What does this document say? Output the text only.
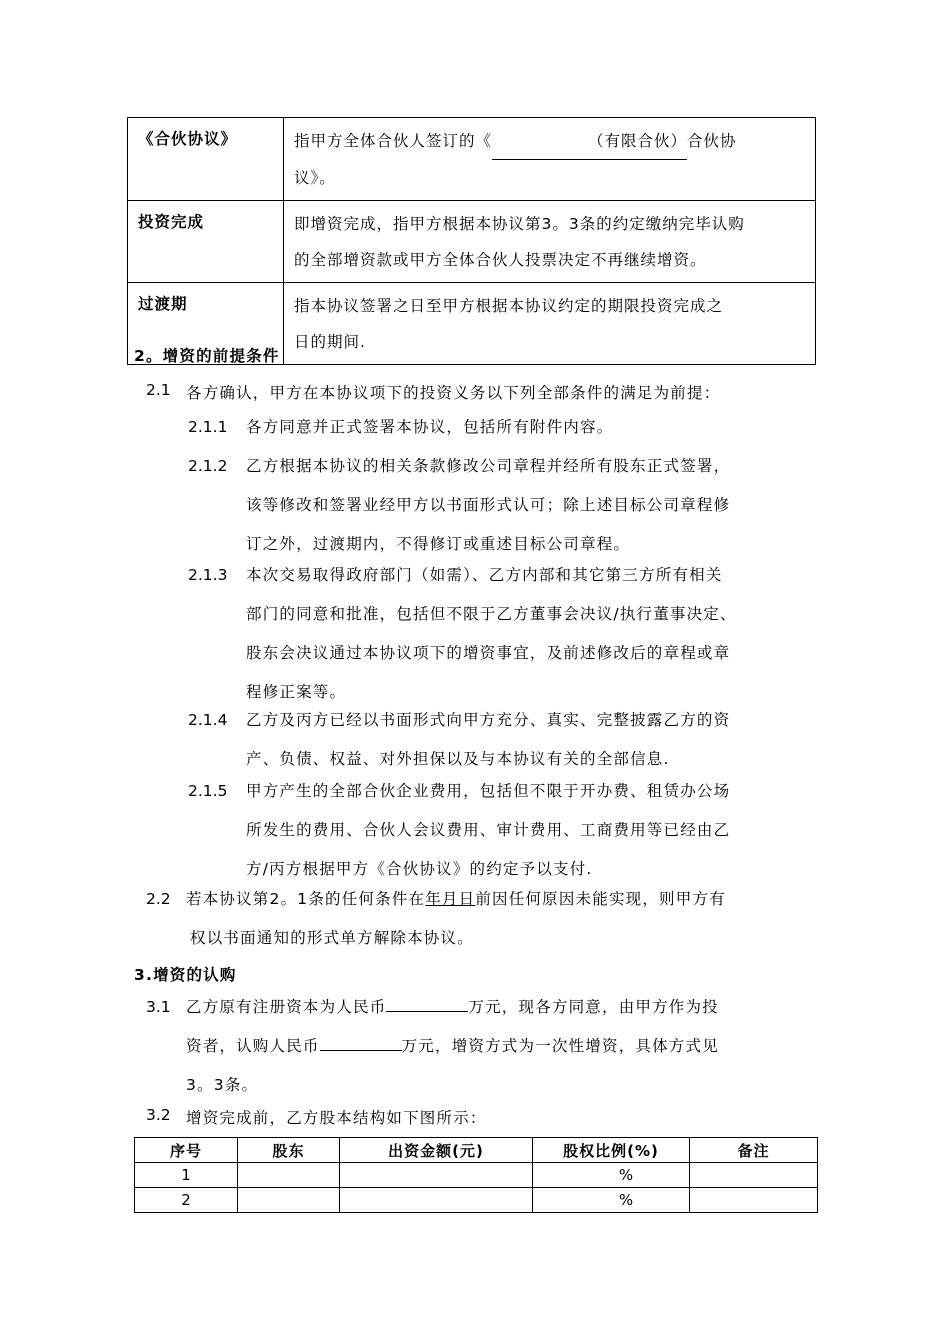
《合伙协议》	指甲方全体合伙人签订的《 （有限合伙）合伙协
议》。

投资完成	即增资完成，指甲方根据本协议第3。3条的约定缴纳完毕认购
的全部增资款或甲方全体合伙人投票决定不再继续增资。

过渡期	指本协议签署之日至甲方根据本协议约定的期限投资完成之
日的期间.
2。增资的前提条件
2.1 各方确认，甲方在本协议项下的投资义务以下列全部条件的满足为前提：
2.1.1 各方同意并正式签署本协议，包括所有附件内容。
2.1.2 乙方根据本协议的相关条款修改公司章程并经所有股东正式签署，
该等修改和签署业经甲方以书面形式认可；除上述目标公司章程修
订之外，过渡期内，不得修订或重述目标公司章程。
2.1.3 本次交易取得政府部门（如需）、乙方内部和其它第三方所有相关
部门的同意和批准，包括但不限于乙方董事会决议/执行董事决定、
股东会决议通过本协议项下的增资事宜，及前述修改后的章程或章
程修正案等。
2.1.4 乙方及丙方已经以书面形式向甲方充分、真实、完整披露乙方的资
产、负债、权益、对外担保以及与本协议有关的全部信息.
2.1.5 甲方产生的全部合伙企业费用，包括但不限于开办费、租赁办公场
所发生的费用、合伙人会议费用、审计费用、工商费用等已经由乙
方/丙方根据甲方《合伙协议》的约定予以支付.
2.2 若本协议第2。1条的任何条件在年月日前因任何原因未能实现，则甲方有
权以书面通知的形式单方解除本协议。
3.增资的认购
3.1 乙方原有注册资本为人民币	万元，现各方同意，由甲方作为投
资者，认购人民币	万元，增资方式为一次性增资，具体方式见
3。3条。
3.2 增资完成前，乙方股本结构如下图所示：
序号	股东	出资金额(元)	股权比例(%)	备注
1			%	
2			%	
